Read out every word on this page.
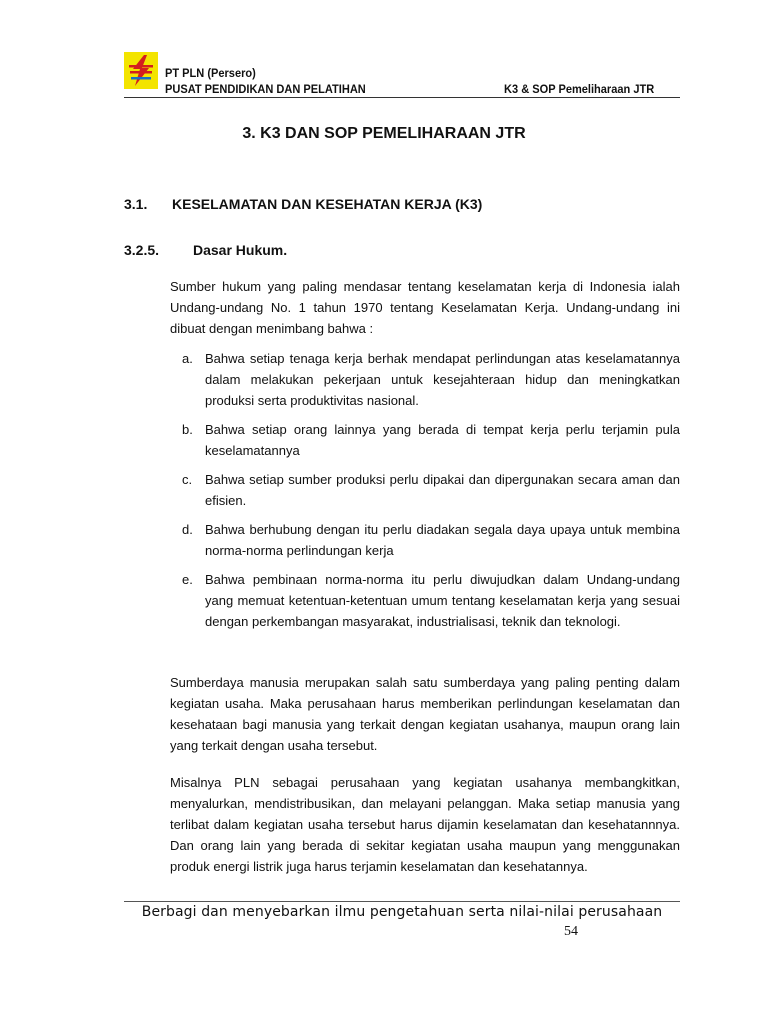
PT PLN (Persero)
PUSAT PENDIDIKAN DAN PELATIHAN	K3 & SOP Pemeliharaan JTR
3. K3 DAN SOP PEMELIHARAAN JTR
3.1.	KESELAMATAN DAN KESEHATAN KERJA (K3)
3.2.5.	Dasar Hukum.

Sumber hukum yang paling mendasar tentang keselamatan kerja di Indonesia ialah Undang-undang No. 1 tahun 1970 tentang Keselamatan Kerja. Undang-undang ini dibuat dengan menimbang bahwa :

a. Bahwa setiap tenaga kerja berhak mendapat perlindungan atas keselamatannya dalam melakukan pekerjaan untuk kesejahteraan hidup dan meningkatkan produksi serta produktivitas nasional.
b. Bahwa setiap orang lainnya yang berada di tempat kerja perlu terjamin pula keselamatannya
c. Bahwa setiap sumber produksi perlu dipakai dan dipergunakan secara aman dan efisien.
d. Bahwa berhubung dengan itu perlu diadakan segala daya upaya untuk membina norma-norma perlindungan kerja
e. Bahwa pembinaan norma-norma itu perlu diwujudkan dalam Undang-undang yang memuat ketentuan-ketentuan umum tentang keselamatan kerja yang sesuai dengan perkembangan masyarakat, industrialisasi, teknik dan teknologi.

Sumberdaya manusia merupakan salah satu sumberdaya yang paling penting dalam kegiatan usaha. Maka perusahaan harus memberikan perlindungan keselamatan dan kesehataan bagi manusia yang terkait dengan kegiatan usahanya, maupun orang lain yang terkait dengan usaha tersebut.

Misalnya PLN sebagai perusahaan yang kegiatan usahanya membangkitkan, menyalurkan, mendistribusikan, dan melayani pelanggan. Maka setiap manusia yang terlibat dalam kegiatan usaha tersebut harus dijamin keselamatan dan kesehatannnya. Dan orang lain yang berada di sekitar kegiatan usaha maupun yang menggunakan produk energi listrik juga harus terjamin keselamatan dan kesehatannya.

Berbagi dan menyebarkan ilmu pengetahuan serta nilai-nilai perusahaan
54
